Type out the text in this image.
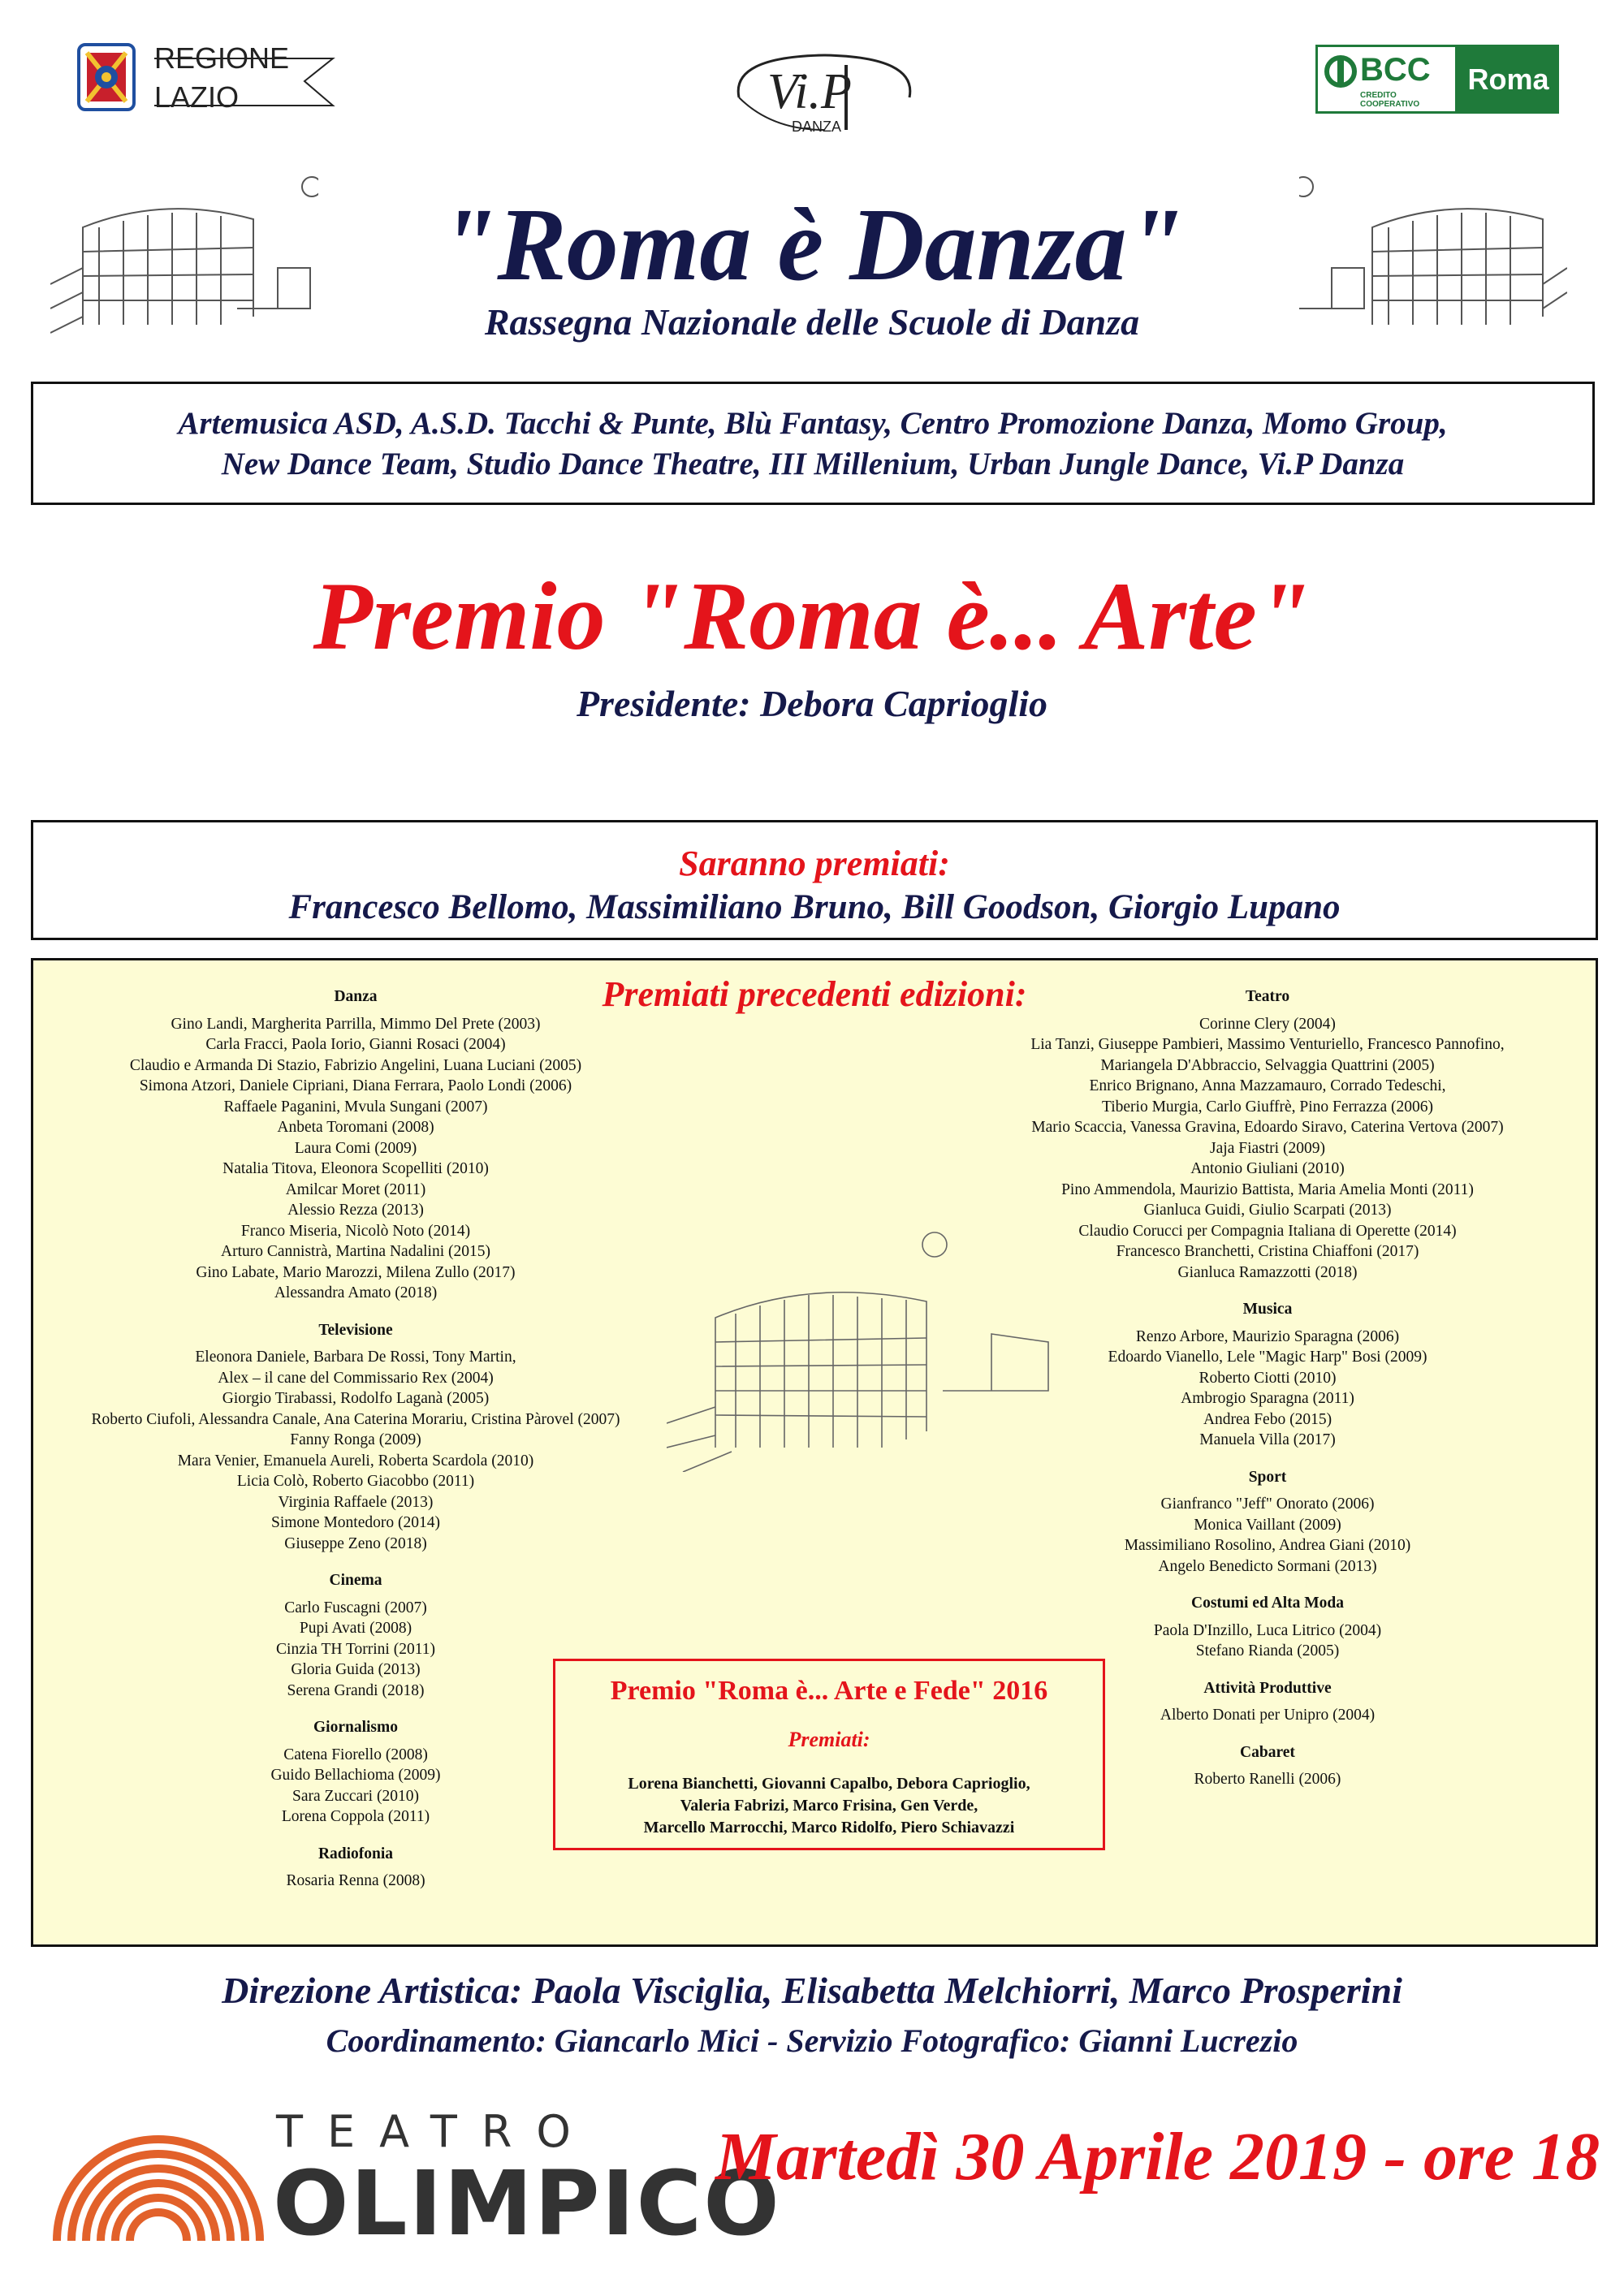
REGIONE
LAZIO	Vi.P
DANZA
BCC
CREDITO COOPERATIVO
Roma
"Roma è Danza"
Rassegna Nazionale delle Scuole di Danza
Artemusica ASD, A.S.D. Tacchi & Punte, Blù Fantasy, Centro Promozione Danza, Momo Group,
New Dance Team, Studio Dance Theatre, III Millenium, Urban Jungle Dance, Vi.P Danza
Premio "Roma è... Arte"
Presidente: Debora Caprioglio
Saranno premiati:
Francesco Bellomo, Massimiliano Bruno, Bill Goodson, Giorgio Lupano
Premiati precedenti edizioni:
Danza
Gino Landi, Margherita Parrilla, Mimmo Del Prete (2003)
Carla Fracci, Paola Iorio, Gianni Rosaci (2004)
Claudio e Armanda Di Stazio, Fabrizio Angelini, Luana Luciani (2005)
Simona Atzori, Daniele Cipriani, Diana Ferrara, Paolo Londi (2006)
Raffaele Paganini, Mvula Sungani (2007)
Anbeta Toromani (2008)
Laura Comi (2009)
Natalia Titova, Eleonora Scopelliti (2010)
Amilcar Moret (2011)
Alessio Rezza (2013)
Franco Miseria, Nicolò Noto (2014)
Arturo Cannistrà, Martina Nadalini (2015)
Gino Labate, Mario Marozzi, Milena Zullo (2017)
Alessandra Amato (2018)
Televisione
Eleonora Daniele, Barbara De Rossi, Tony Martin,
Alex – il cane del Commissario Rex (2004)
Giorgio Tirabassi, Rodolfo Laganà (2005)
Roberto Ciufoli, Alessandra Canale, Ana Caterina Morariu, Cristina Pàrovel (2007)
Fanny Ronga (2009)
Mara Venier, Emanuela Aureli, Roberta Scardola (2010)
Licia Colò, Roberto Giacobbo (2011)
Virginia Raffaele (2013)
Simone Montedoro (2014)
Giuseppe Zeno (2018)
Cinema
Carlo Fuscagni (2007)
Pupi Avati (2008)
Cinzia TH Torrini (2011)
Gloria Guida (2013)
Serena Grandi (2018)
Giornalismo
Catena Fiorello (2008)
Guido Bellachioma (2009)
Sara Zuccari (2010)
Lorena Coppola (2011)
Radiofonia
Rosaria Renna (2008)
Teatro
Corinne Clery (2004)
Lia Tanzi, Giuseppe Pambieri, Massimo Venturiello, Francesco Pannofino,
Mariangela D'Abbraccio, Selvaggia Quattrini (2005)
Enrico Brignano, Anna Mazzamauro, Corrado Tedeschi,
Tiberio Murgia, Carlo Giuffrè, Pino Ferrazza (2006)
Mario Scaccia, Vanessa Gravina, Edoardo Siravo, Caterina Vertova (2007)
Jaja Fiastri (2009)
Antonio Giuliani (2010)
Pino Ammendola, Maurizio Battista, Maria Amelia Monti (2011)
Gianluca Guidi, Giulio Scarpati (2013)
Claudio Corucci per Compagnia Italiana di Operette (2014)
Francesco Branchetti, Cristina Chiaffoni (2017)
Gianluca Ramazzotti (2018)
Musica
Renzo Arbore, Maurizio Sparagna (2006)
Edoardo Vianello, Lele "Magic Harp" Bosi (2009)
Roberto Ciotti (2010)
Ambrogio Sparagna (2011)
Andrea Febo (2015)
Manuela Villa (2017)
Sport
Gianfranco "Jeff" Onorato (2006)
Monica Vaillant (2009)
Massimiliano Rosolino, Andrea Giani (2010)
Angelo Benedicto Sormani (2013)
Costumi ed Alta Moda
Paola D'Inzillo, Luca Litrico (2004)
Stefano Rianda (2005)
Attività Produttive
Alberto Donati per Unipro (2004)
Cabaret
Roberto Ranelli (2006)
Premio "Roma è... Arte e Fede" 2016
Premiati:
Lorena Bianchetti, Giovanni Capalbo, Debora Caprioglio,
Valeria Fabrizi, Marco Frisina, Gen Verde,
Marcello Marrocchi, Marco Ridolfo, Piero Schiavazzi
Direzione Artistica: Paola Visciglia, Elisabetta Melchiorri, Marco Prosperini
Coordinamento: Giancarlo Mici - Servizio Fotografico: Gianni Lucrezio
TEATRO
OLIMPICO
Martedì 30 Aprile 2019 - ore 18
